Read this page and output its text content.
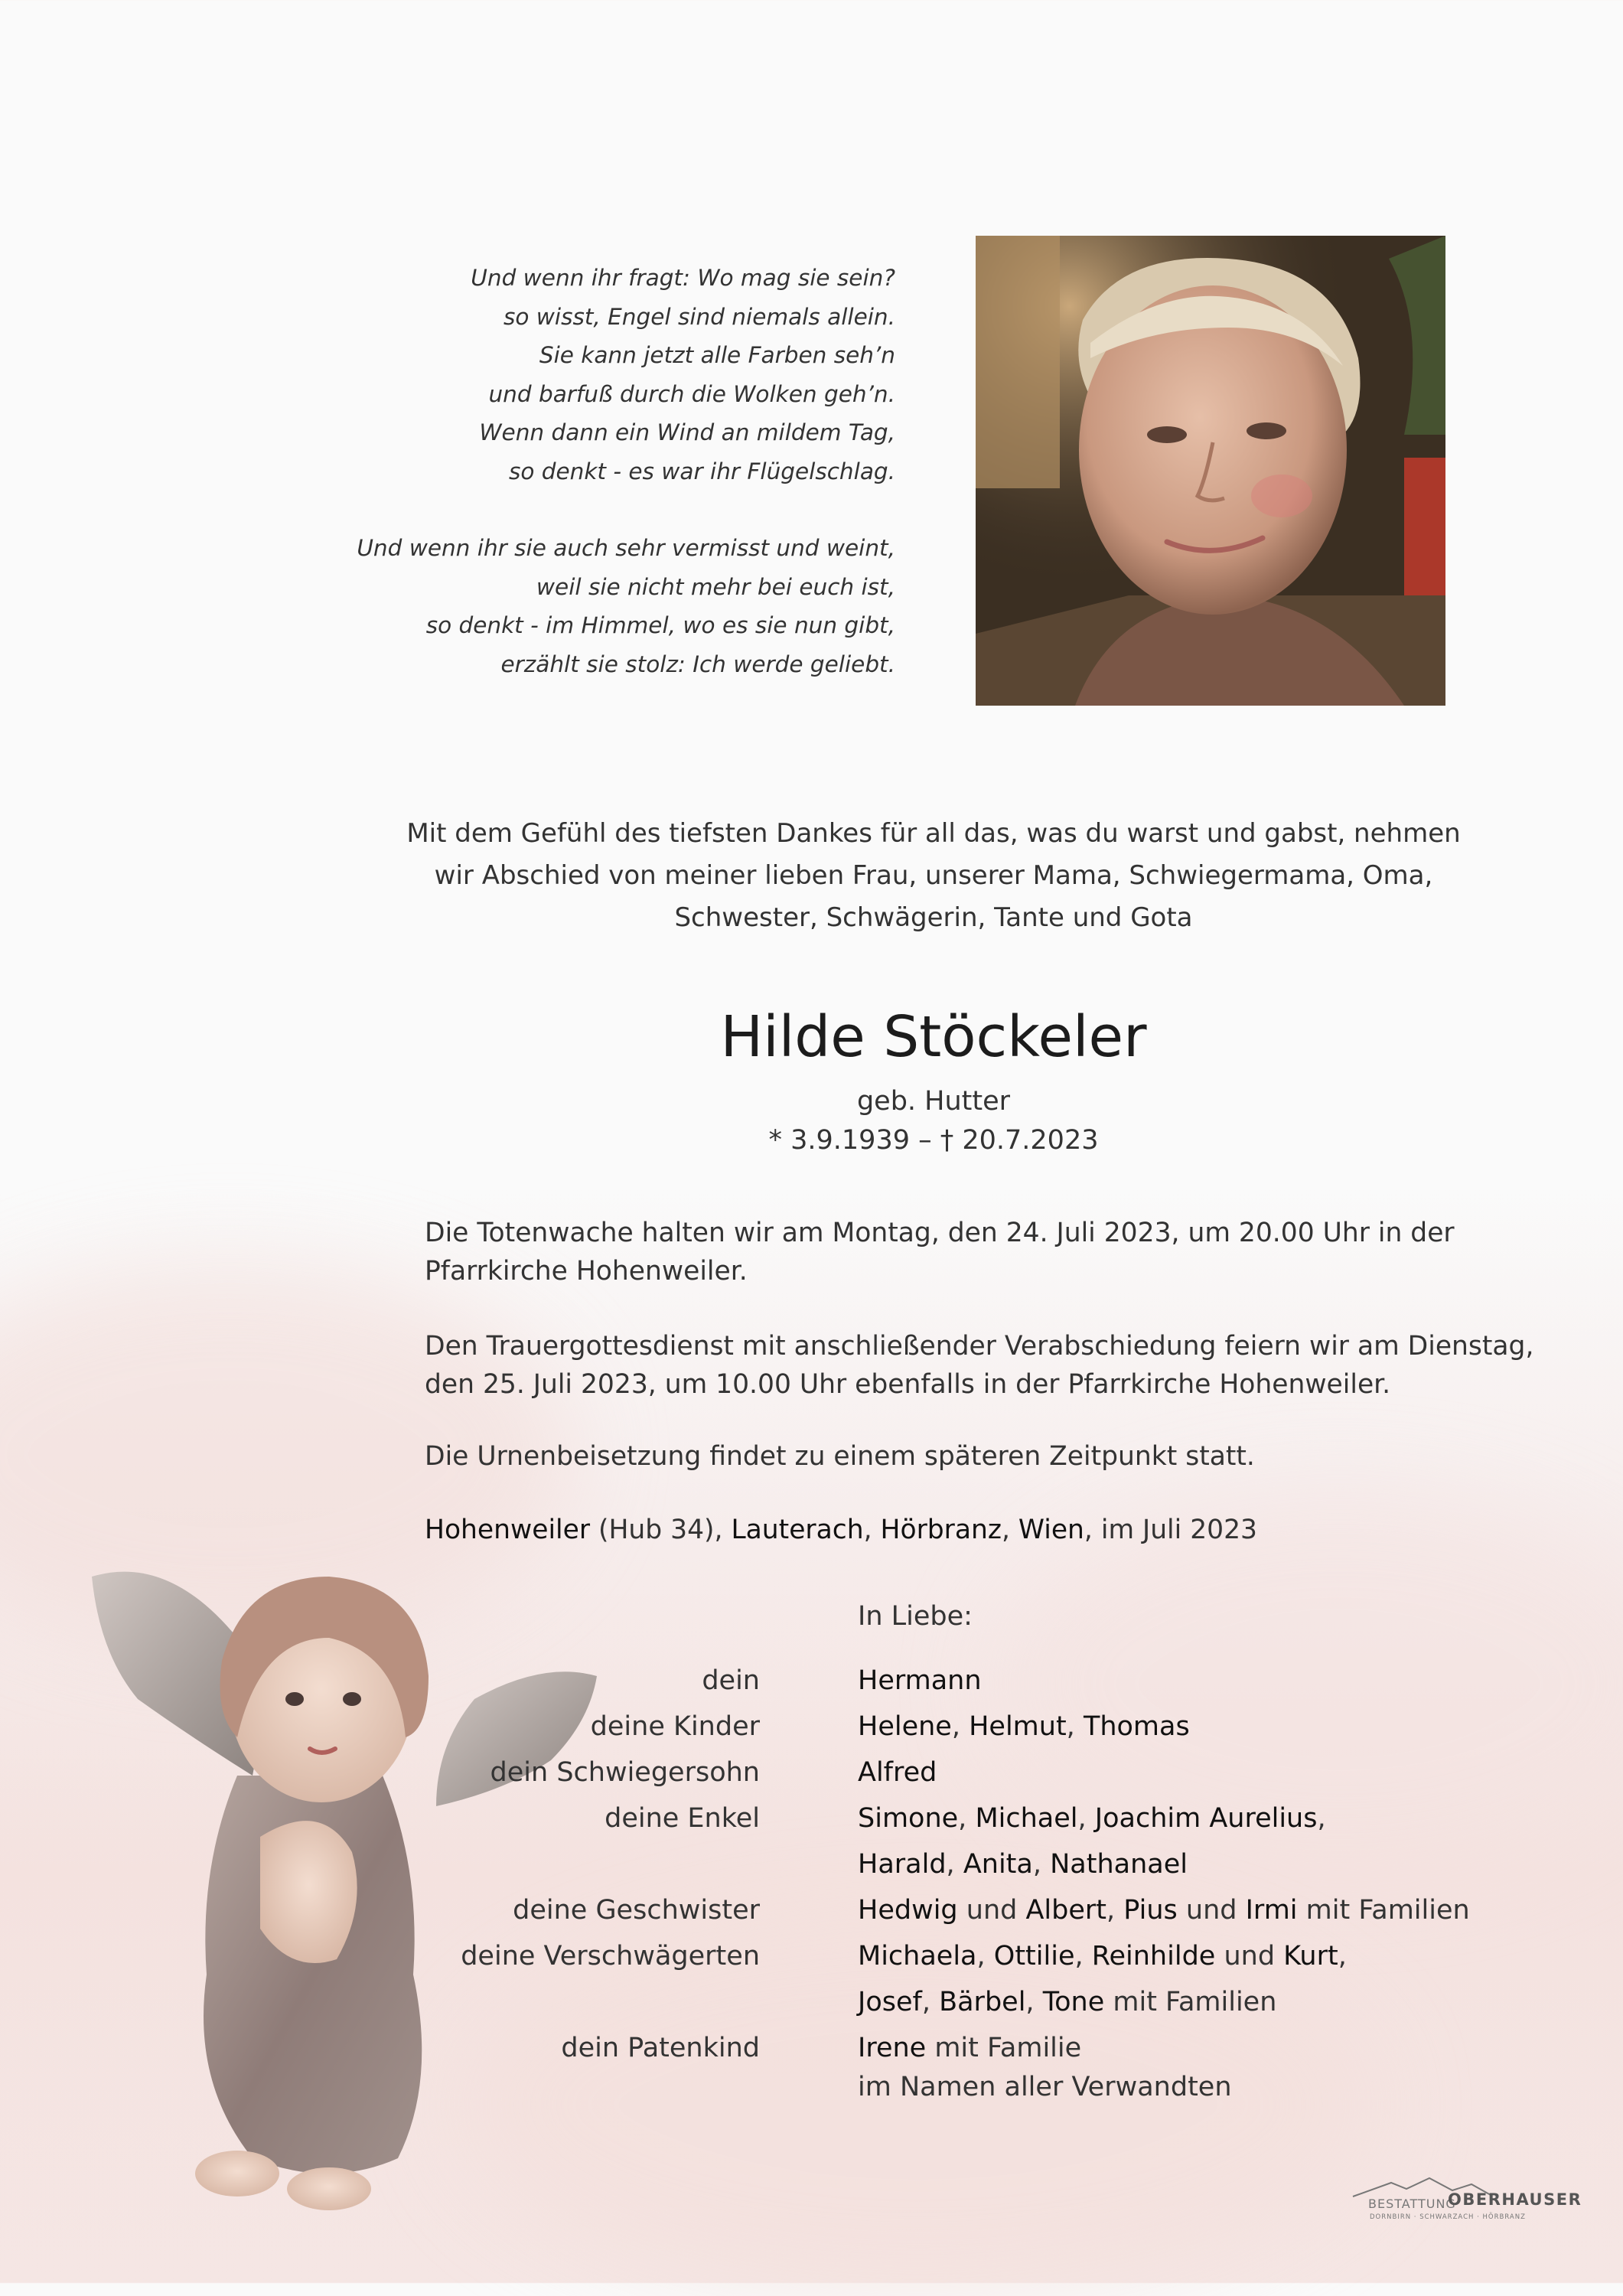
Und wenn ihr fragt: Wo mag sie sein?
so wisst, Engel sind niemals allein.
Sie kann jetzt alle Farben seh’n
und barfuß durch die Wolken geh’n.
Wenn dann ein Wind an mildem Tag,
so denkt - es war ihr Flügelschlag.
Und wenn ihr sie auch sehr vermisst und weint,
weil sie nicht mehr bei euch ist,
so denkt - im Himmel, wo es sie nun gibt,
erzählt sie stolz: Ich werde geliebt.
Mit dem Gefühl des tiefsten Dankes für all das, was du warst und gabst, nehmen
wir Abschied von meiner lieben Frau, unserer Mama, Schwiegermama, Oma,
Schwester, Schwägerin, Tante und Gota
Hilde Stöckeler
geb. Hutter
* 3.9.1939 – † 20.7.2023
Die Totenwache halten wir am Montag, den 24. Juli 2023, um 20.00 Uhr in der
Pfarrkirche Hohenweiler.
Den Trauergottesdienst mit anschließender Verabschiedung feiern wir am Dienstag,
den 25. Juli 2023, um 10.00 Uhr ebenfalls in der Pfarrkirche Hohenweiler.
Die Urnenbeisetzung findet zu einem späteren Zeitpunkt statt.
Hohenweiler (Hub 34), Lauterach, Hörbranz, Wien, im Juli 2023
In Liebe:
dein	Hermann
deine Kinder	Helene, Helmut, Thomas
dein Schwiegersohn	Alfred
deine Enkel	Simone, Michael, Joachim Aurelius,
Harald, Anita, Nathanael
deine Geschwister	Hedwig und Albert, Pius und Irmi mit Familien
deine Verschwägerten	Michaela, Ottilie, Reinhilde und Kurt,
Josef, Bärbel, Tone mit Familien
dein Patenkind	Irene mit Familie
im Namen aller Verwandten
BESTATTUNG
OBERHAUSER
DORNBIRN · SCHWARZACH · HÖRBRANZ
